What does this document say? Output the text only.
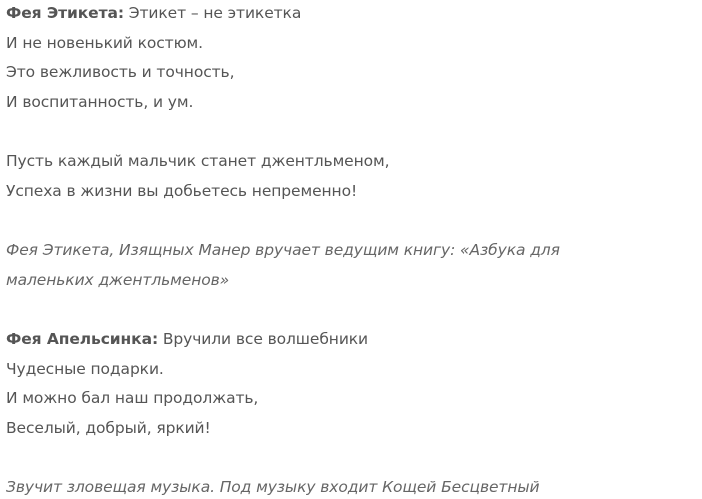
Фея Этикета: Этикет – не этикетка
И не новенький костюм.
Это вежливость и точность,
И воспитанность, и ум.
Пусть каждый мальчик станет джентльменом,
Успеха в жизни вы добьетесь непременно!
Фея Этикета, Изящных Манер вручает ведущим книгу: «Азбука для
маленьких джентльменов»
Фея Апельсинка: Вручили все волшебники
Чудесные подарки.
И можно бал наш продолжать,
Веселый, добрый, яркий!
Звучит зловещая музыка. Под музыку входит Кощей Бесцветный
